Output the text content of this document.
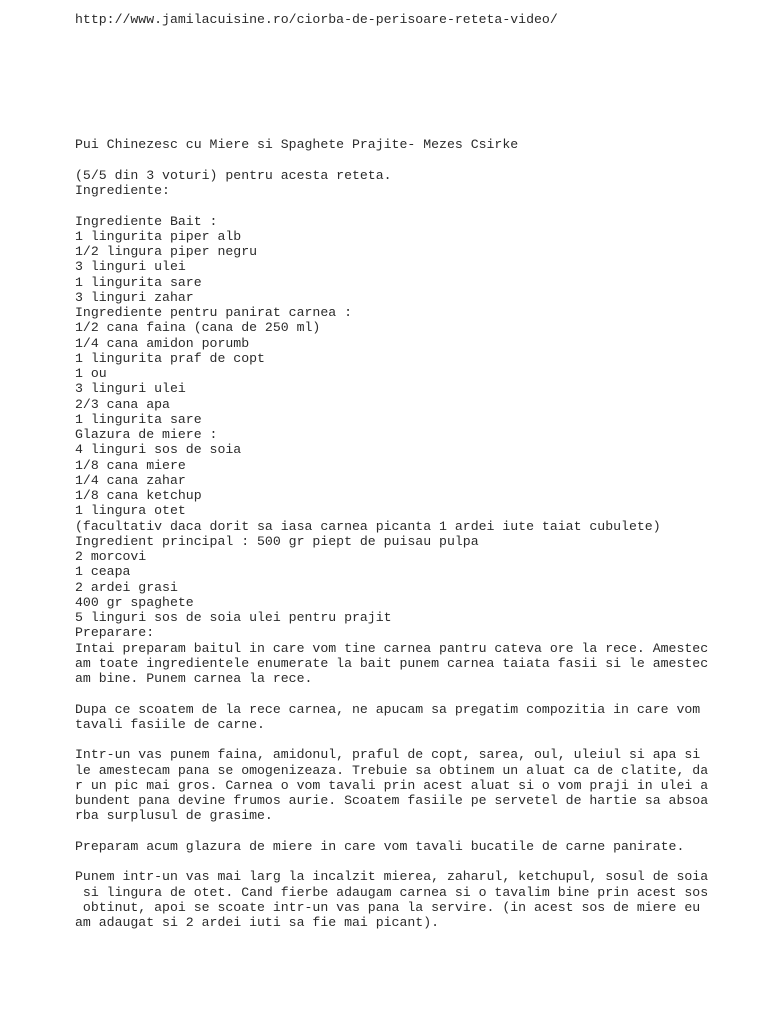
http://www.jamilacuisine.ro/ciorba-de-perisoare-reteta-video/
Pui Chinezesc cu Miere si Spaghete Prajite- Mezes Csirke
(5/5 din 3 voturi) pentru acesta reteta.
Ingrediente:
Ingrediente Bait :
1 lingurita piper alb
1/2 lingura piper negru
3 linguri ulei
1 lingurita sare
3 linguri zahar
Ingrediente pentru panirat carnea :
1/2 cana faina (cana de 250 ml)
1/4 cana amidon porumb
1 lingurita praf de copt
1 ou
3 linguri ulei
2/3 cana apa
1 lingurita sare
Glazura de miere :
4 linguri sos de soia
1/8 cana miere
1/4 cana zahar
1/8 cana ketchup
1 lingura otet
(facultativ daca dorit sa iasa carnea picanta 1 ardei iute taiat cubulete)
Ingredient principal : 500 gr piept de puisau pulpa
2 morcovi
1 ceapa
2 ardei grasi
400 gr spaghete
5 linguri sos de soia ulei pentru prajit
Preparare:
Intai preparam baitul in care vom tine carnea pantru cateva ore la rece. Amestec
am toate ingredientele enumerate la bait punem carnea taiata fasii si le amestec
am bine. Punem carnea la rece.
Dupa ce scoatem de la rece carnea, ne apucam sa pregatim compozitia in care vom
tavali fasiile de carne.
Intr-un vas punem faina, amidonul, praful de copt, sarea, oul, uleiul si apa si
le amestecam pana se omogenizeaza. Trebuie sa obtinem un aluat ca de clatite, da
r un pic mai gros. Carnea o vom tavali prin acest aluat si o vom praji in ulei a
bundent pana devine frumos aurie. Scoatem fasiile pe servetel de hartie sa absoa
rba surplusul de grasime.
Preparam acum glazura de miere in care vom tavali bucatile de carne panirate.
Punem intr-un vas mai larg la incalzit mierea, zaharul, ketchupul, sosul de soia
si lingura de otet. Cand fierbe adaugam carnea si o tavalim bine prin acest sos
obtinut, apoi se scoate intr-un vas pana la servire. (in acest sos de miere eu
am adaugat si 2 ardei iuti sa fie mai picant).
